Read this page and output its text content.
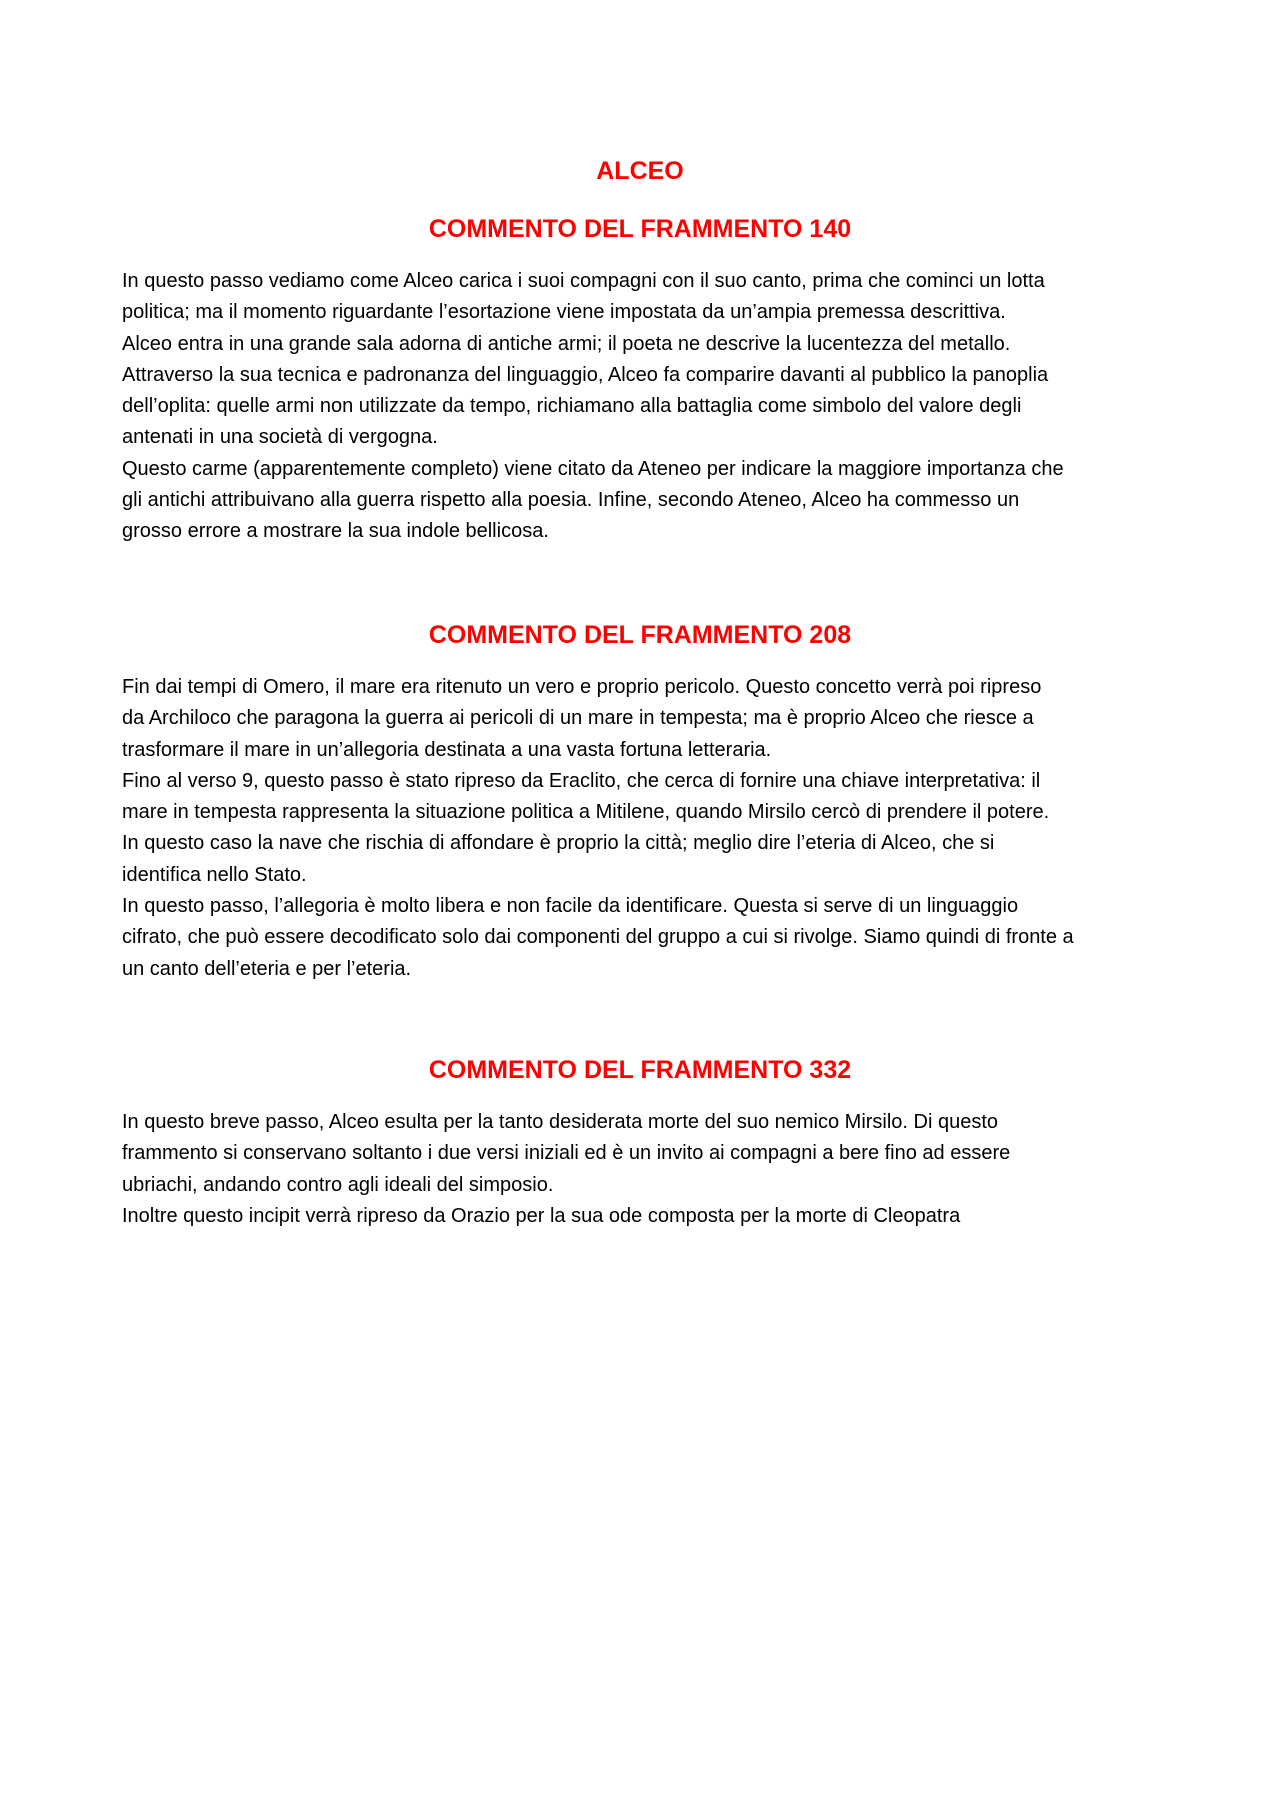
ALCEO
COMMENTO DEL FRAMMENTO 140
In questo passo vediamo come Alceo carica i suoi compagni con il suo canto, prima che cominci un lotta
politica; ma il momento riguardante l’esortazione viene impostata da un’ampia premessa descrittiva.
Alceo entra in una grande sala adorna di antiche armi; il poeta ne descrive la lucentezza del metallo.
Attraverso la sua tecnica e padronanza del linguaggio, Alceo fa comparire davanti al pubblico la panoplia
dell’oplita: quelle armi non utilizzate da tempo, richiamano alla battaglia come simbolo del valore degli
antenati in una società di vergogna.
Questo carme (apparentemente completo) viene citato da Ateneo per indicare la maggiore importanza che
gli antichi attribuivano alla guerra rispetto alla poesia. Infine, secondo Ateneo, Alceo ha commesso un
grosso errore a mostrare la sua indole bellicosa.
COMMENTO DEL FRAMMENTO 208
Fin dai tempi di Omero, il mare era ritenuto un vero e proprio pericolo. Questo concetto verrà poi ripreso
da Archiloco che paragona la guerra ai pericoli di un mare in tempesta; ma è proprio Alceo che riesce a
trasformare il mare in un’allegoria destinata a una vasta fortuna letteraria.
Fino al verso 9, questo passo è stato ripreso da Eraclito, che cerca di fornire una chiave interpretativa: il
mare in tempesta rappresenta la situazione politica a Mitilene, quando Mirsilo cercò di prendere il potere.
In questo caso la nave che rischia di affondare è proprio la città; meglio dire l’eteria di Alceo, che si
identifica nello Stato.
In questo passo, l’allegoria è molto libera e non facile da identificare. Questa si serve di un linguaggio
cifrato, che può essere decodificato solo dai componenti del gruppo a cui si rivolge. Siamo quindi di fronte a
un canto dell’eteria e per l’eteria.
COMMENTO DEL FRAMMENTO 332
In questo breve passo, Alceo esulta per la tanto desiderata morte del suo nemico Mirsilo. Di questo
frammento si conservano soltanto i due versi iniziali ed è un invito ai compagni a bere fino ad essere
ubriachi, andando contro agli ideali del simposio.
Inoltre questo incipit verrà ripreso da Orazio per la sua ode composta per la morte di Cleopatra
